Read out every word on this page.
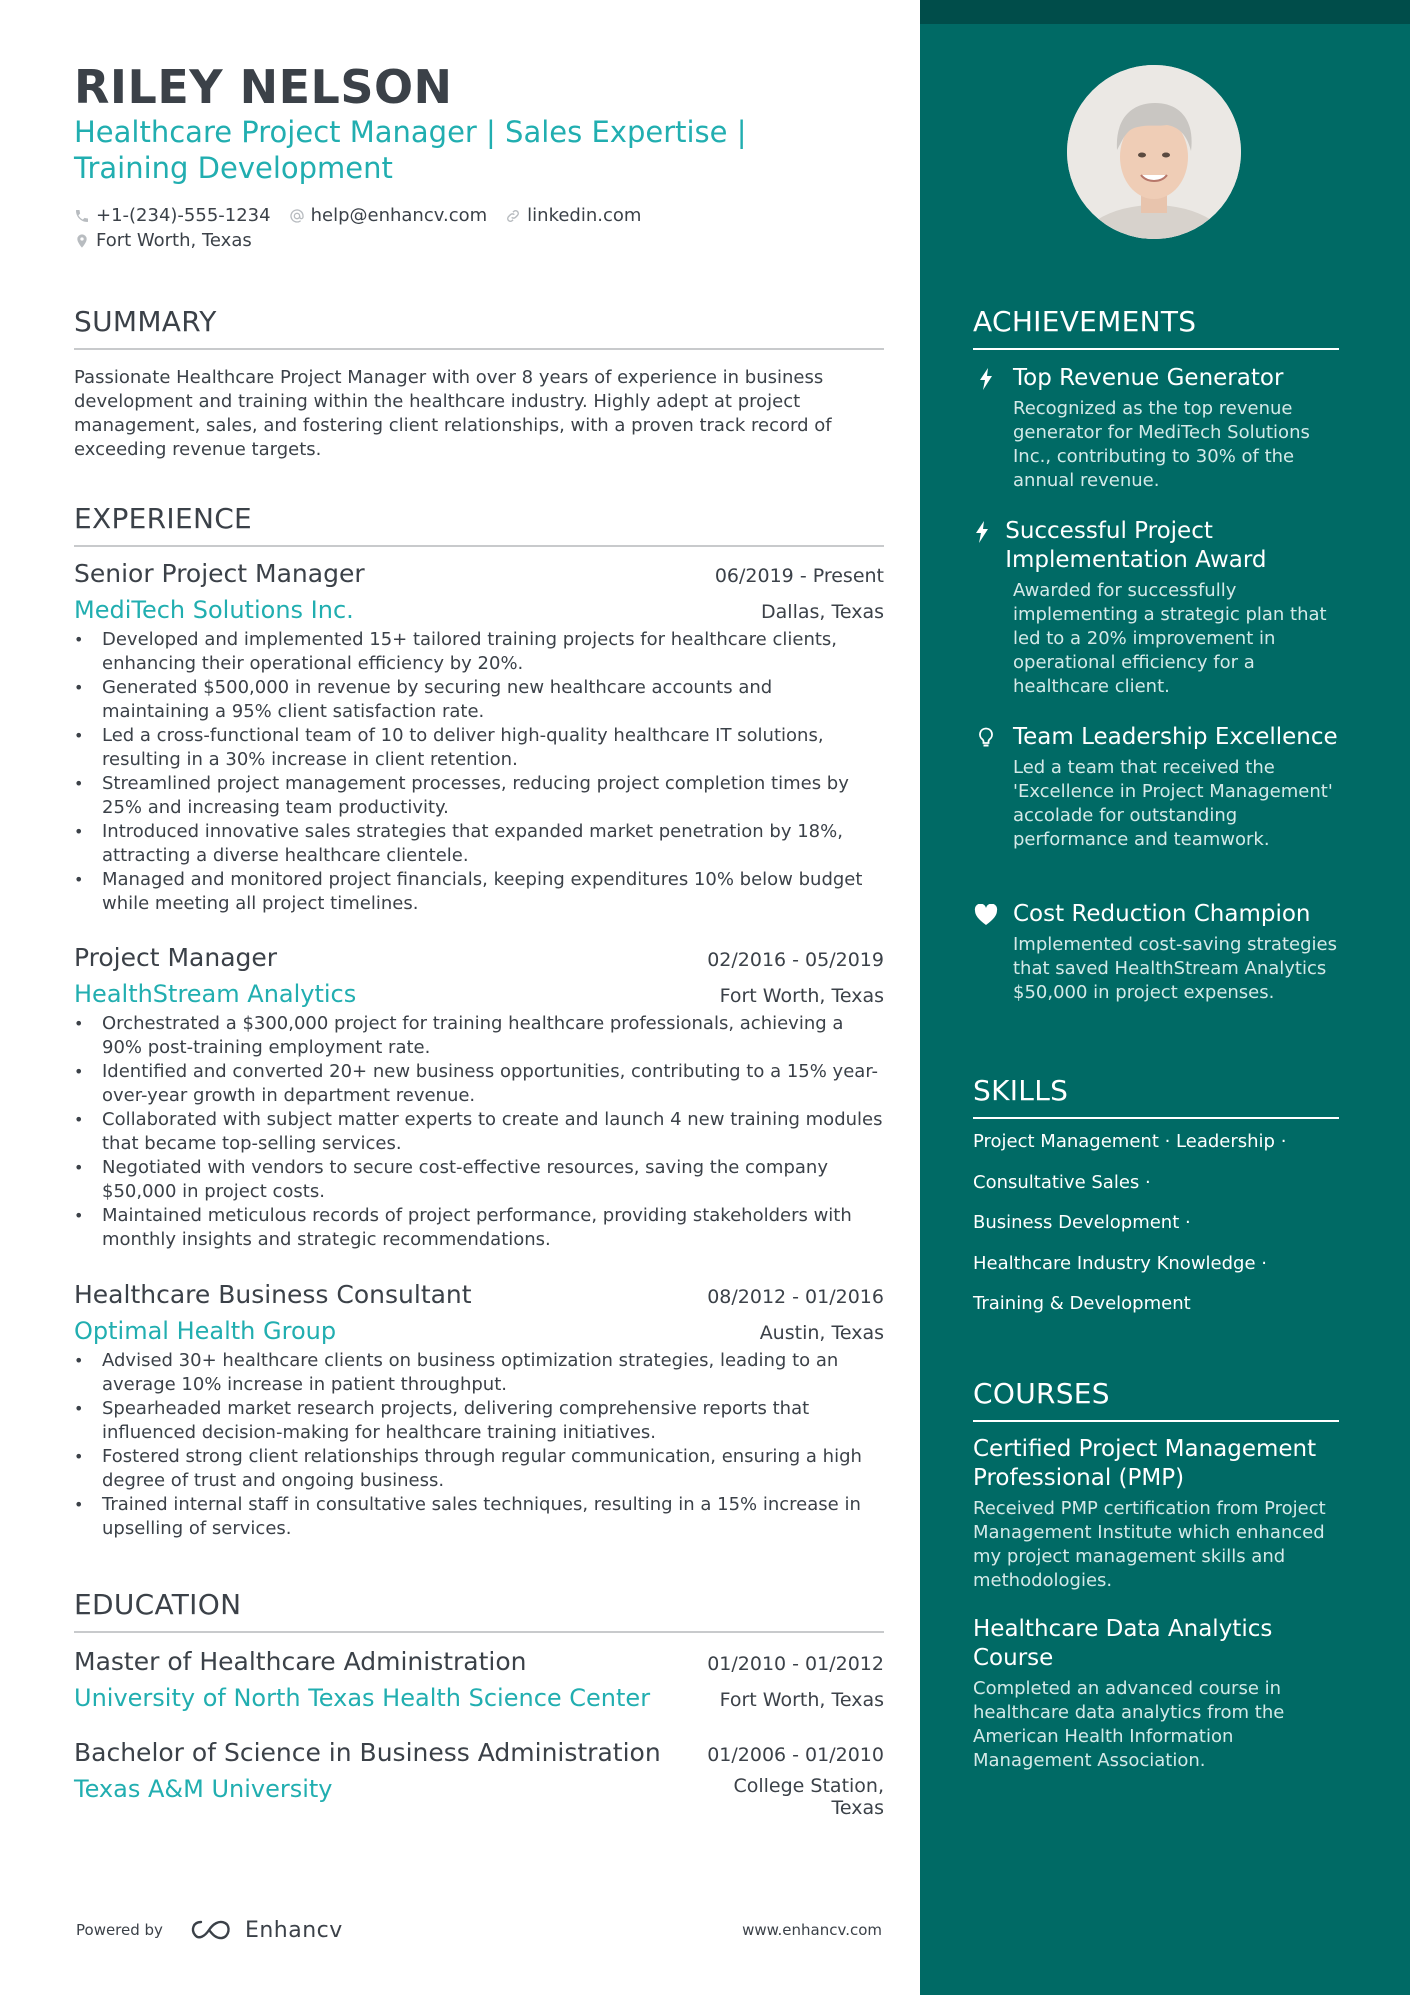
RILEY NELSON
Healthcare Project Manager | Sales Expertise |
Training Development
+1-(234)-555-1234 help@enhancv.com linkedin.com
Fort Worth, Texas
SUMMARY
Passionate Healthcare Project Manager with over 8 years of experience in business development and training within the healthcare industry. Highly adept at project management, sales, and fostering client relationships, with a proven track record of exceeding revenue targets.
EXPERIENCE
Senior Project Manager	06/2019 - Present
MediTech Solutions Inc.	Dallas, Texas
• Developed and implemented 15+ tailored training projects for healthcare clients, enhancing their operational efficiency by 20%.
• Generated $500,000 in revenue by securing new healthcare accounts and maintaining a 95% client satisfaction rate.
• Led a cross-functional team of 10 to deliver high-quality healthcare IT solutions, resulting in a 30% increase in client retention.
• Streamlined project management processes, reducing project completion times by 25% and increasing team productivity.
• Introduced innovative sales strategies that expanded market penetration by 18%, attracting a diverse healthcare clientele.
• Managed and monitored project financials, keeping expenditures 10% below budget while meeting all project timelines.
Project Manager	02/2016 - 05/2019
HealthStream Analytics	Fort Worth, Texas
• Orchestrated a $300,000 project for training healthcare professionals, achieving a 90% post-training employment rate.
• Identified and converted 20+ new business opportunities, contributing to a 15% year-over-year growth in department revenue.
• Collaborated with subject matter experts to create and launch 4 new training modules that became top-selling services.
• Negotiated with vendors to secure cost-effective resources, saving the company $50,000 in project costs.
• Maintained meticulous records of project performance, providing stakeholders with monthly insights and strategic recommendations.
Healthcare Business Consultant	08/2012 - 01/2016
Optimal Health Group	Austin, Texas
• Advised 30+ healthcare clients on business optimization strategies, leading to an average 10% increase in patient throughput.
• Spearheaded market research projects, delivering comprehensive reports that influenced decision-making for healthcare training initiatives.
• Fostered strong client relationships through regular communication, ensuring a high degree of trust and ongoing business.
• Trained internal staff in consultative sales techniques, resulting in a 15% increase in upselling of services.
EDUCATION
Master of Healthcare Administration	01/2010 - 01/2012
University of North Texas Health Science Center	Fort Worth, Texas
Bachelor of Science in Business Administration 01/2006 - 01/2010
Texas A&M University	College Station,
Texas
Powered by	Enhancv	www.enhancv.com
ACHIEVEMENTS
Top Revenue Generator
Recognized as the top revenue generator for MediTech Solutions Inc., contributing to 30% of the annual revenue.
Successful Project Implementation Award
Awarded for successfully implementing a strategic plan that led to a 20% improvement in operational efficiency for a healthcare client.
Team Leadership Excellence
Led a team that received the 'Excellence in Project Management' accolade for outstanding performance and teamwork.
Cost Reduction Champion
Implemented cost-saving strategies that saved HealthStream Analytics $50,000 in project expenses.
SKILLS
Project Management · Leadership ·
Consultative Sales ·
Business Development ·
Healthcare Industry Knowledge ·
Training & Development
COURSES
Certified Project Management Professional (PMP)
Received PMP certification from Project Management Institute which enhanced my project management skills and methodologies.
Healthcare Data Analytics Course
Completed an advanced course in healthcare data analytics from the American Health Information Management Association.
